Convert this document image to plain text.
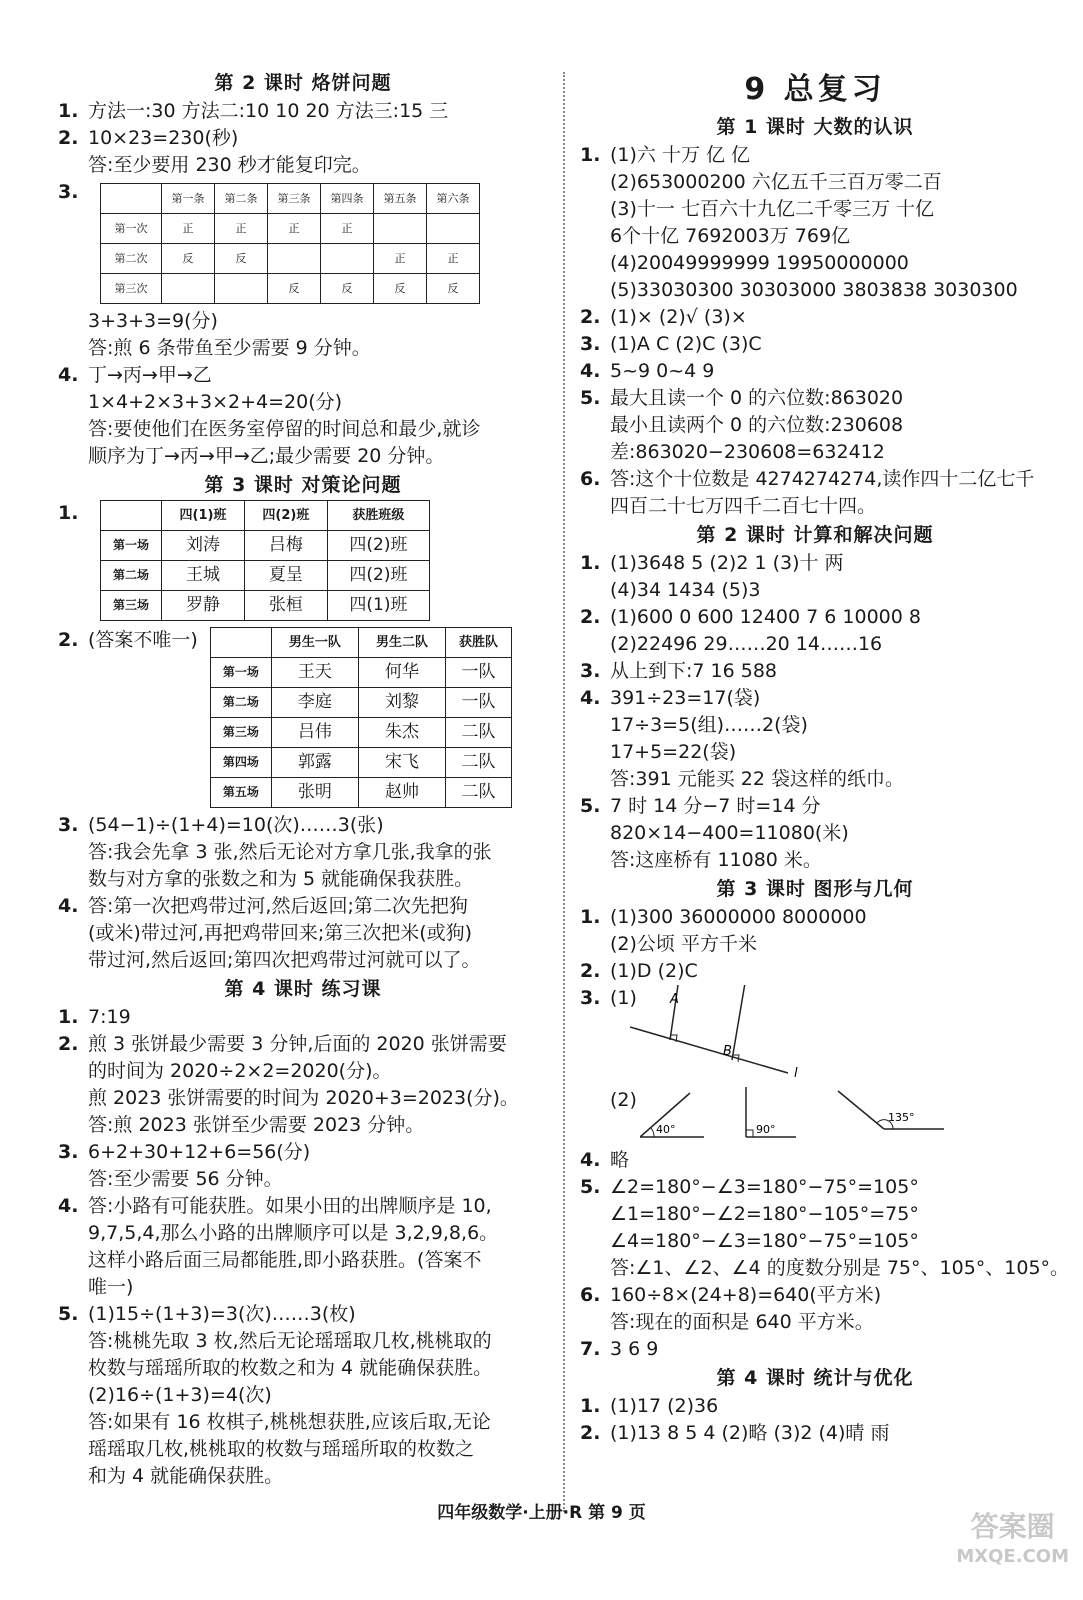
第 2 课时 烙饼问题
1. 方法一:30 方法二:10 10 20 方法三:15 三
2. 10×23=230(秒)
答:至少要用 230 秒才能复印完。
3.		第一条	第二条	第三条	第四条	第五条	第六条
第一次	正	正	正	正		
第二次	反	反			正	正
第三次			反	反	反	反
3+3+3=9(分)
答:煎 6 条带鱼至少需要 9 分钟。
4. 丁→丙→甲→乙
1×4+2×3+3×2+4=20(分)
答:要使他们在医务室停留的时间总和最少,就诊
顺序为丁→丙→甲→乙;最少需要 20 分钟。
第 3 课时 对策论问题
1.		四(1)班	四(2)班	获胜班级
第一场	刘涛	吕梅	四(2)班
第二场	王城	夏呈	四(2)班
第三场	罗静	张桓	四(1)班
2. (答案不唯一)		男生一队	男生二队	获胜队
第一场	王天	何华	一队
第二场	李庭	刘黎	一队
第三场	吕伟	朱杰	二队
第四场	郭露	宋飞	二队
第五场	张明	赵帅	二队
3. (54−1)÷(1+4)=10(次)……3(张)
答:我会先拿 3 张,然后无论对方拿几张,我拿的张
数与对方拿的张数之和为 5 就能确保我获胜。
4. 答:第一次把鸡带过河,然后返回;第二次先把狗
(或米)带过河,再把鸡带回来;第三次把米(或狗)
带过河,然后返回;第四次把鸡带过河就可以了。
第 4 课时 练习课
1. 7:19
2. 煎 3 张饼最少需要 3 分钟,后面的 2020 张饼需要
的时间为 2020÷2×2=2020(分)。
煎 2023 张饼需要的时间为 2020+3=2023(分)。
答:煎 2023 张饼至少需要 2023 分钟。
3. 6+2+30+12+6=56(分)
答:至少需要 56 分钟。
4. 答:小路有可能获胜。如果小田的出牌顺序是 10,
9,7,5,4,那么小路的出牌顺序可以是 3,2,9,8,6。
这样小路后面三局都能胜,即小路获胜。(答案不
唯一)
5. (1)15÷(1+3)=3(次)……3(枚)
答:桃桃先取 3 枚,然后无论瑶瑶取几枚,桃桃取的
枚数与瑶瑶所取的枚数之和为 4 就能确保获胜。
(2)16÷(1+3)=4(次)
答:如果有 16 枚棋子,桃桃想获胜,应该后取,无论
瑶瑶取几枚,桃桃取的枚数与瑶瑶所取的枚数之
和为 4 就能确保获胜。
9 总复习
第 1 课时 大数的认识
1. (1)六 十万 亿 亿
(2)653000200 六亿五千三百万零二百
(3)十一 七百六十九亿二千零三万 十亿
6个十亿 7692003万 769亿
(4)20049999999 19950000000
(5)33030300 30303000 3803838 3030300
2. (1)× (2)√ (3)×
3. (1)A C (2)C (3)C
4. 5~9 0~4 9
5. 最大且读一个 0 的六位数:863020
最小且读两个 0 的六位数:230608
差:863020−230608=632412
6. 答:这个十位数是 4274274274,读作四十二亿七千
四百二十七万四千二百七十四。
第 2 课时 计算和解决问题
1. (1)3648 5 (2)2 1 (3)十 两
(4)34 1434 (5)3
2. (1)600 0 600 12400 7 6 10000 8
(2)22496 29……20 14……16
3. 从上到下:7 16 588
4. 391÷23=17(袋)
17÷3=5(组)……2(袋)
17+5=22(袋)
答:391 元能买 22 袋这样的纸巾。
5. 7 时 14 分−7 时=14 分
820×14−400=11080(米)
答:这座桥有 11080 米。
第 3 课时 图形与几何
1. (1)300 36000000 8000000
(2)公顷 平方千米
2. (1)D (2)C
3. (1)	A
B
l
(2)
40°	90°
135°
4. 略
5. ∠2=180°−∠3=180°−75°=105°
∠1=180°−∠2=180°−105°=75°
∠4=180°−∠3=180°−75°=105°
答:∠1、∠2、∠4 的度数分别是 75°、105°、105°。
6. 160÷8×(24+8)=640(平方米)
答:现在的面积是 640 平方米。
7. 3 6 9
第 4 课时 统计与优化
1. (1)17 (2)36
2. (1)13 8 5 4 (2)略 (3)2 (4)晴 雨
四年级数学·上册·R 第 9 页	答案圈
MXQE.COM
